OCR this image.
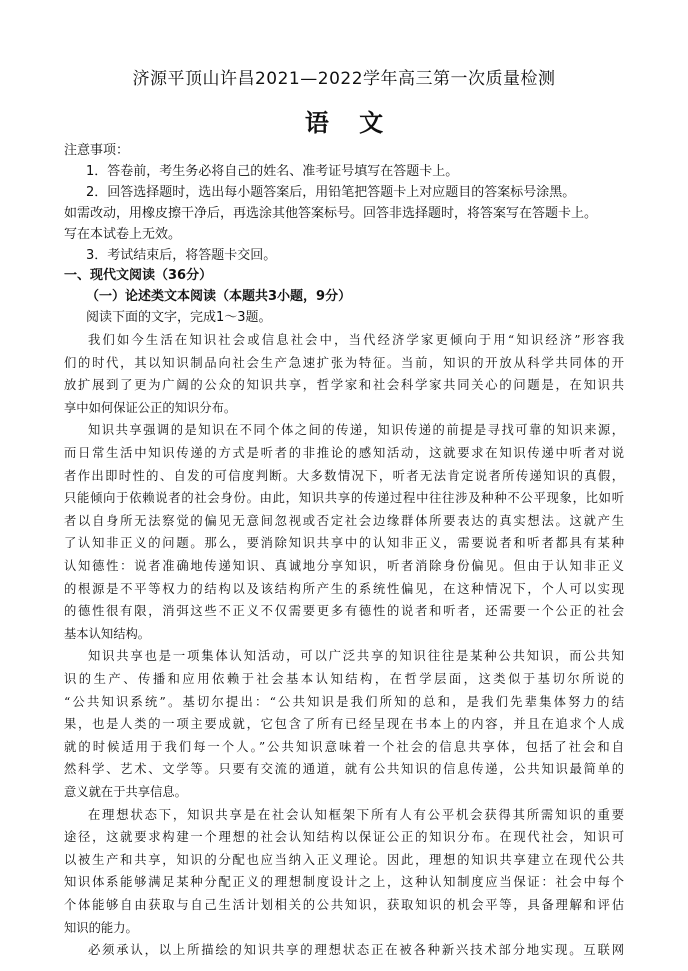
济源平顶山许昌2021—2022学年高三第一次质量检测
语 文
注意事项：
1．答卷前，考生务必将自己的姓名、准考证号填写在答题卡上。
2．回答选择题时，选出每小题答案后，用铅笔把答题卡上对应题目的答案标号涂黑。
如需改动，用橡皮擦干净后，再选涂其他答案标号。回答非选择题时，将答案写在答题卡上。
写在本试卷上无效。
3．考试结束后，将答题卡交回。
一、现代文阅读（36分）
（一）论述类文本阅读（本题共3小题，9分）
阅读下面的文字，完成1～3题。
我们如今生活在知识社会或信息社会中，当代经济学家更倾向于用“知识经济”形容我
们的时代，其以知识制品向社会生产急速扩张为特征。当前，知识的开放从科学共同体的开
放扩展到了更为广阔的公众的知识共享，哲学家和社会科学家共同关心的问题是，在知识共
享中如何保证公正的知识分布。
知识共享强调的是知识在不同个体之间的传递，知识传递的前提是寻找可靠的知识来源，
而日常生活中知识传递的方式是听者的非推论的感知活动，这就要求在知识传递中听者对说
者作出即时性的、自发的可信度判断。大多数情况下，听者无法肯定说者所传递知识的真假，
只能倾向于依赖说者的社会身份。由此，知识共享的传递过程中往往涉及种种不公平现象，比如听
者以自身所无法察觉的偏见无意间忽视或否定社会边缘群体所要表达的真实想法。这就产生
了认知非正义的问题。那么，要消除知识共享中的认知非正义，需要说者和听者都具有某种
认知德性：说者准确地传递知识、真诚地分享知识，听者消除身份偏见。但由于认知非正义
的根源是不平等权力的结构以及该结构所产生的系统性偏见，在这种情况下，个人可以实现
的德性很有限，消弭这些不正义不仅需要更多有德性的说者和听者，还需要一个公正的社会
基本认知结构。
知识共享也是一项集体认知活动，可以广泛共享的知识往往是某种公共知识，而公共知
识的生产、传播和应用依赖于社会基本认知结构，在哲学层面，这类似于基切尔所说的
“公共知识系统”。基切尔提出：“公共知识是我们所知的总和，是我们先辈集体努力的结
果，也是人类的一项主要成就，它包含了所有已经呈现在书本上的内容，并且在追求个人成
就的时候适用于我们每一个人。”公共知识意味着一个社会的信息共享体，包括了社会和自
然科学、艺术、文学等。只要有交流的通道，就有公共知识的信息传递，公共知识最简单的
意义就在于共享信息。
在理想状态下，知识共享是在社会认知框架下所有人有公平机会获得其所需知识的重要
途径，这就要求构建一个理想的社会认知结构以保证公正的知识分布。在现代社会，知识可
以被生产和共享，知识的分配也应当纳入正义理论。因此，理想的知识共享建立在现代公共
知识体系能够满足某种分配正义的理想制度设计之上，这种认知制度应当保证：社会中每个
个体能够自由获取与自己生活计划相关的公共知识，获取知识的机会平等，具备理解和评估
知识的能力。
必须承认，以上所描绘的知识共享的理想状态正在被各种新兴技术部分地实现。互联网
